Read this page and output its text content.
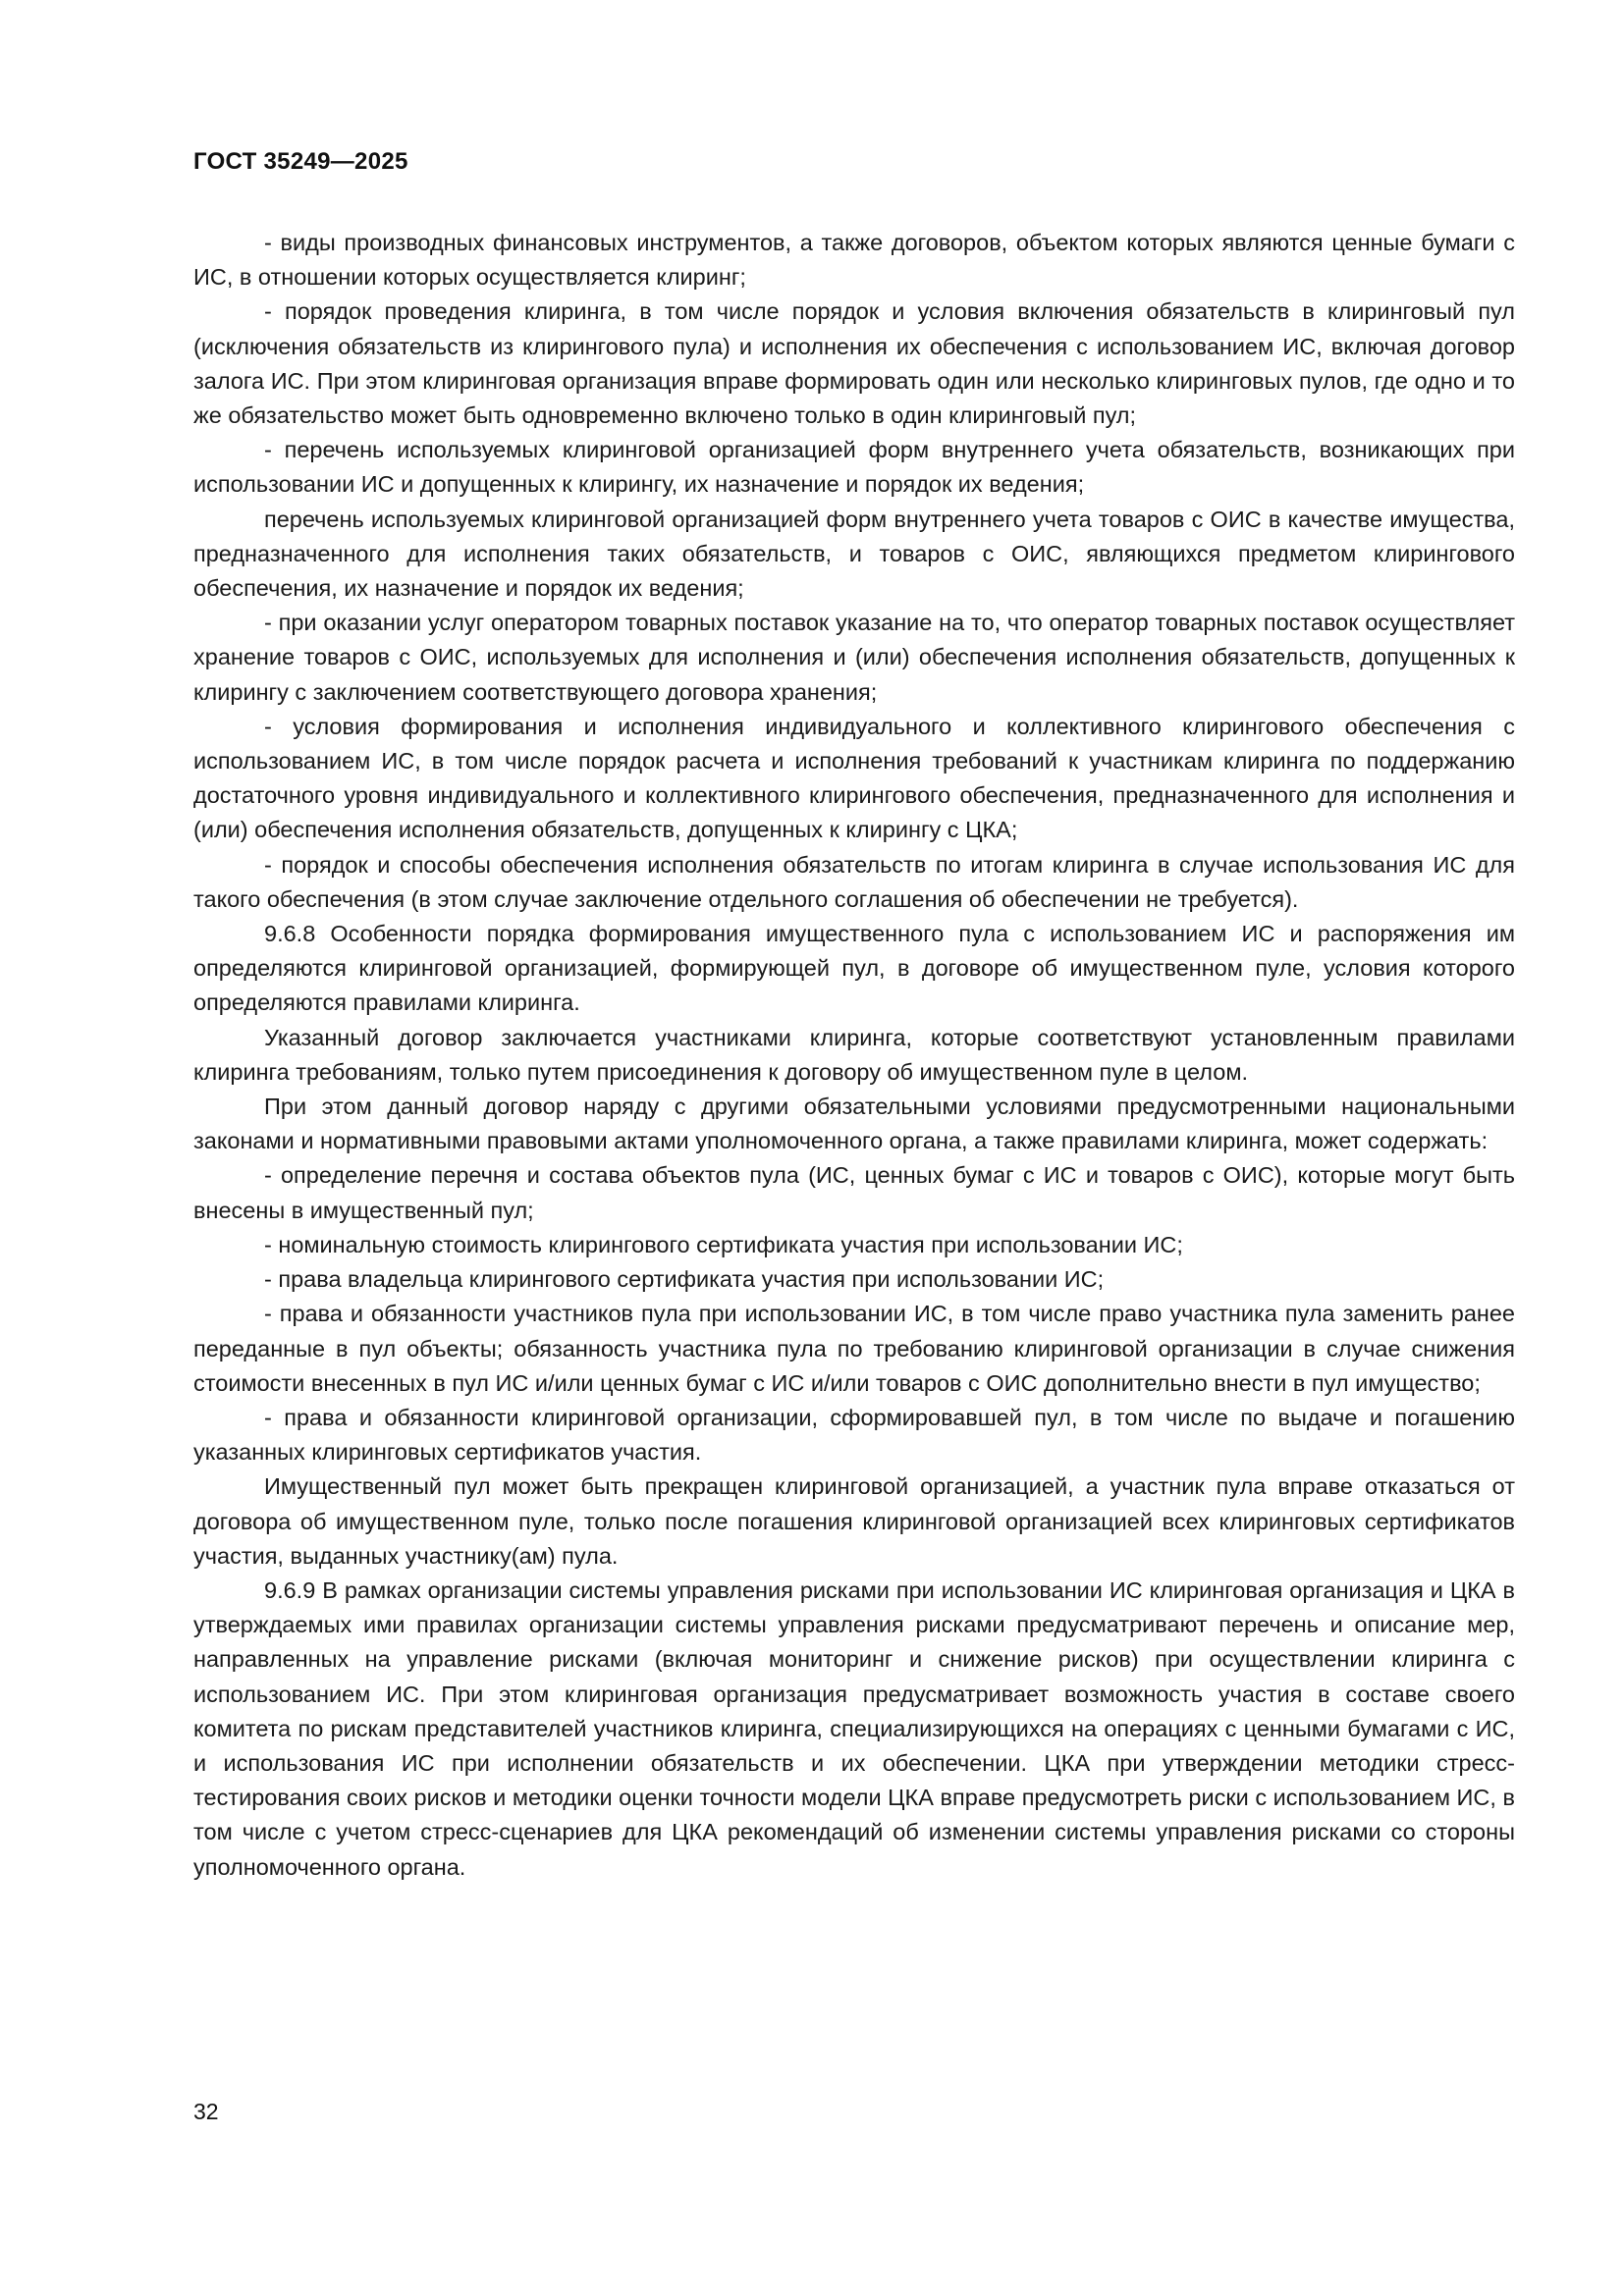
ГОСТ 35249—2025

- виды производных финансовых инструментов, а также договоров, объектом которых являются ценные бумаги с ИС, в отношении которых осуществляется клиринг;

- порядок проведения клиринга, в том числе порядок и условия включения обязательств в клиринговый пул (исключения обязательств из клирингового пула) и исполнения их обеспечения с использованием ИС, включая договор залога ИС. При этом клиринговая организация вправе формировать один или несколько клиринговых пулов, где одно и то же обязательство может быть одновременно включено только в один клиринговый пул;

- перечень используемых клиринговой организацией форм внутреннего учета обязательств, возникающих при использовании ИС и допущенных к клирингу, их назначение и порядок их ведения;

перечень используемых клиринговой организацией форм внутреннего учета товаров с ОИС в качестве имущества, предназначенного для исполнения таких обязательств, и товаров с ОИС, являющихся предметом клирингового обеспечения, их назначение и порядок их ведения;

- при оказании услуг оператором товарных поставок указание на то, что оператор товарных поставок осуществляет хранение товаров с ОИС, используемых для исполнения и (или) обеспечения исполнения обязательств, допущенных к клирингу с заключением соответствующего договора хранения;

- условия формирования и исполнения индивидуального и коллективного клирингового обеспечения с использованием ИС, в том числе порядок расчета и исполнения требований к участникам клиринга по поддержанию достаточного уровня индивидуального и коллективного клирингового обеспечения, предназначенного для исполнения и (или) обеспечения исполнения обязательств, допущенных к клирингу с ЦКА;

- порядок и способы обеспечения исполнения обязательств по итогам клиринга в случае использования ИС для такого обеспечения (в этом случае заключение отдельного соглашения об обеспечении не требуется).

9.6.8 Особенности порядка формирования имущественного пула с использованием ИС и распоряжения им определяются клиринговой организацией, формирующей пул, в договоре об имущественном пуле, условия которого определяются правилами клиринга.

Указанный договор заключается участниками клиринга, которые соответствуют установленным правилами клиринга требованиям, только путем присоединения к договору об имущественном пуле в целом.

При этом данный договор наряду с другими обязательными условиями предусмотренными национальными законами и нормативными правовыми актами уполномоченного органа, а также правилами клиринга, может содержать:

- определение перечня и состава объектов пула (ИС, ценных бумаг с ИС и товаров с ОИС), которые могут быть внесены в имущественный пул;

- номинальную стоимость клирингового сертификата участия при использовании ИС;

- права владельца клирингового сертификата участия при использовании ИС;

- права и обязанности участников пула при использовании ИС, в том числе право участника пула заменить ранее переданные в пул объекты; обязанность участника пула по требованию клиринговой организации в случае снижения стоимости внесенных в пул ИС и/или ценных бумаг с ИС и/или товаров с ОИС дополнительно внести в пул имущество;

- права и обязанности клиринговой организации, сформировавшей пул, в том числе по выдаче и погашению указанных клиринговых сертификатов участия.

Имущественный пул может быть прекращен клиринговой организацией, а участник пула вправе отказаться от договора об имущественном пуле, только после погашения клиринговой организацией всех клиринговых сертификатов участия, выданных участнику(ам) пула.

9.6.9 В рамках организации системы управления рисками при использовании ИС клиринговая организация и ЦКА в утверждаемых ими правилах организации системы управления рисками предусматривают перечень и описание мер, направленных на управление рисками (включая мониторинг и снижение рисков) при осуществлении клиринга с использованием ИС. При этом клиринговая организация предусматривает возможность участия в составе своего комитета по рискам представителей участников клиринга, специализирующихся на операциях с ценными бумагами с ИС, и использования ИС при исполнении обязательств и их обеспечении. ЦКА при утверждении методики стресс-тестирования своих рисков и методики оценки точности модели ЦКА вправе предусмотреть риски с использованием ИС, в том числе с учетом стресс-сценариев для ЦКА рекомендаций об изменении системы управления рисками со стороны уполномоченного органа.

32
